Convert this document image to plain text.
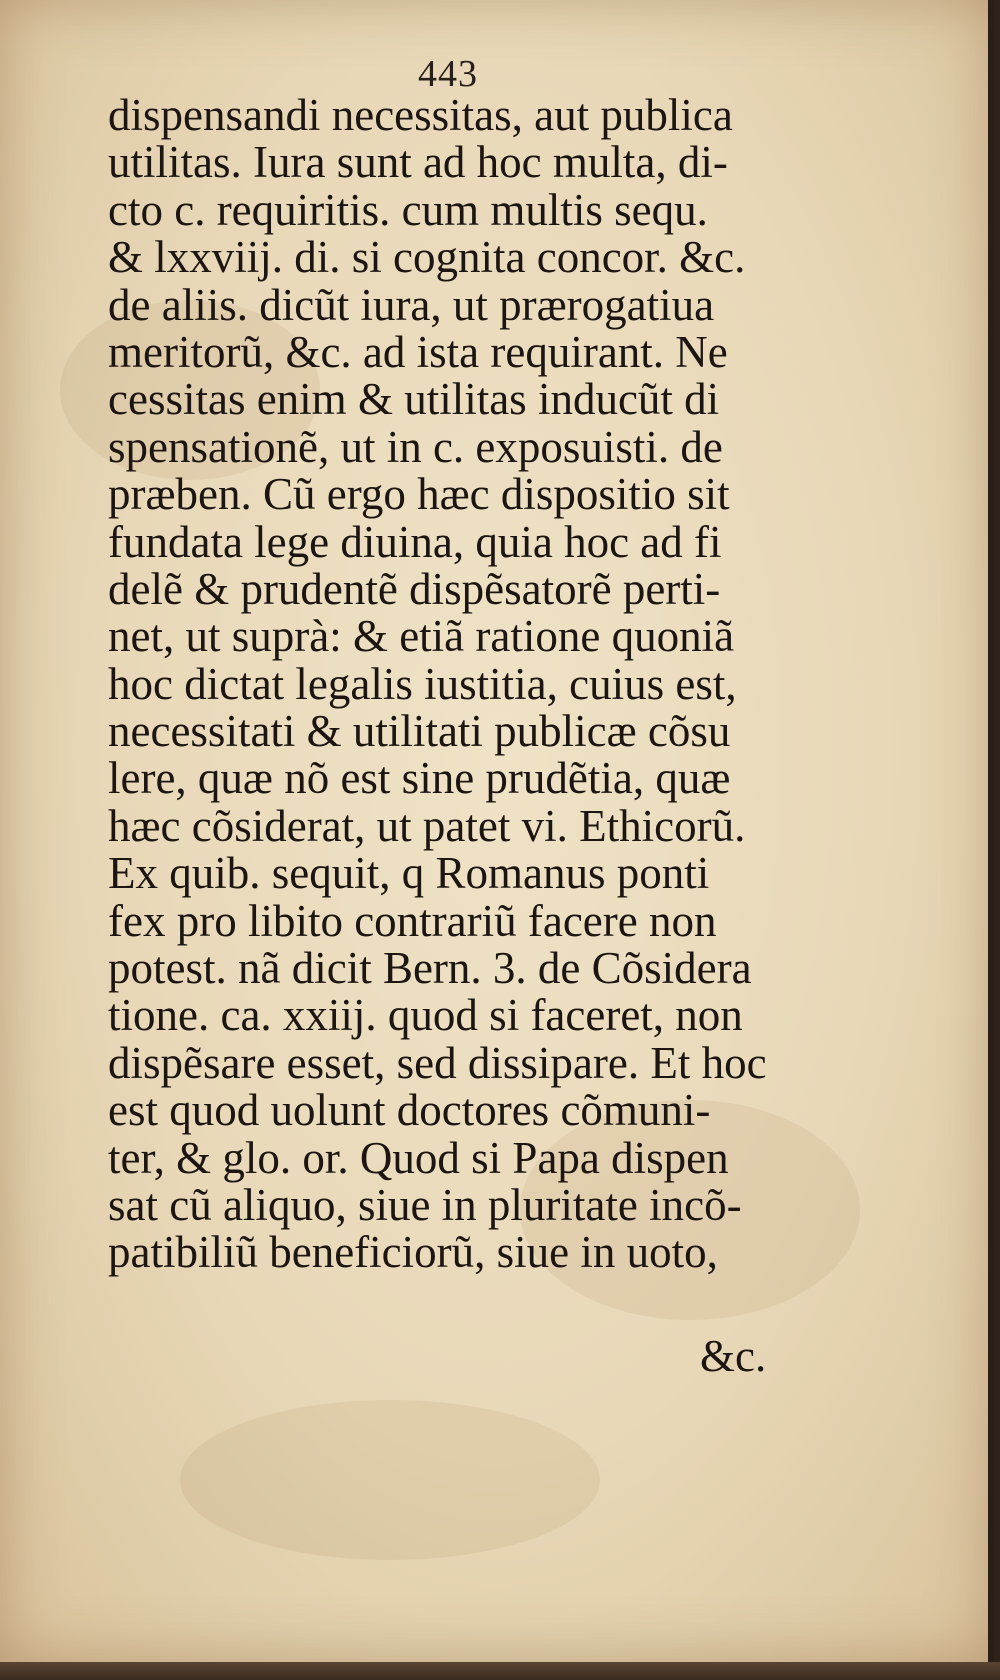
443
dispensandi necessitas, aut publica
utilitas. Iura sunt ad hoc multa, di-
cto c. requiritis. cum multis sequ.
& lxxviij. di. si cognita concor. &c.
de aliis. dicũt iura, ut prærogatiua
meritorũ, &c. ad ista requirant. Ne
cessitas enim & utilitas inducũt di
spensationẽ, ut in c. exposuisti. de
præben. Cũ ergo hæc dispositio sit
fundata lege diuina, quia hoc ad fi
delẽ & prudentẽ dispẽsatorẽ perti-
net, ut suprà: & etiã ratione quoniã
hoc dictat legalis iustitia, cuius est,
necessitati & utilitati publicæ cõsu
lere, quæ nõ est sine prudẽtia, quæ
hæc cõsiderat, ut patet vi. Ethicorũ.
Ex quib. sequit, q Romanus ponti
fex pro libito contrariũ facere non
potest. nã dicit Bern. 3. de Cõsidera
tione. ca. xxiij. quod si faceret, non
dispẽsare esset, sed dissipare. Et hoc
est quod uolunt doctores cõmuni-
ter, & glo. or. Quod si Papa dispen
sat cũ aliquo, siue in pluritate incõ-
patibiliũ beneficiorũ, siue in uoto,
&c.
